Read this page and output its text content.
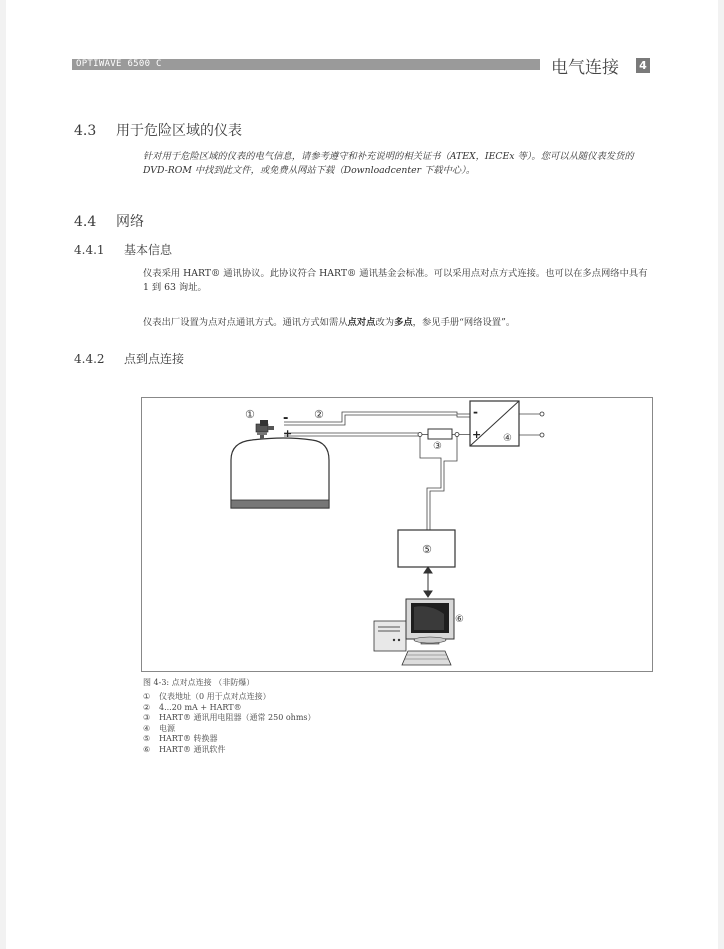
OPTIWAVE 6500 C	电气连接 4
4.3 用于危险区域的仪表
针对用于危险区域的仪表的电气信息，请参考遵守和补充说明的相关证书（ATEX，IECEx 等）。您可以从随仪表发货的 DVD-ROM 中找到此文件，或免费从网站下载（Downloadcenter 下载中心）。
4.4 网络
4.4.1 基本信息
仪表采用 HART® 通讯协议。此协议符合 HART® 通讯基金会标准。可以采用点对点方式连接。也可以在多点网络中具有 1 到 63 询址。
仪表出厂设置为点对点通讯方式。通讯方式如需从点对点改为多点，参见手册“网络设置”。
4.4.2 点到点连接
①	②
③
④
⑤
⑥
-
+
-
+
图 4-3: 点对点连接 （非防爆）
① 仪表地址（0 用于点对点连接）
② 4...20 mA + HART®
③ HART® 通讯用电阻器（通常 250 ohms）
④ 电源
⑤ HART® 转换器
⑥ HART® 通讯软件
